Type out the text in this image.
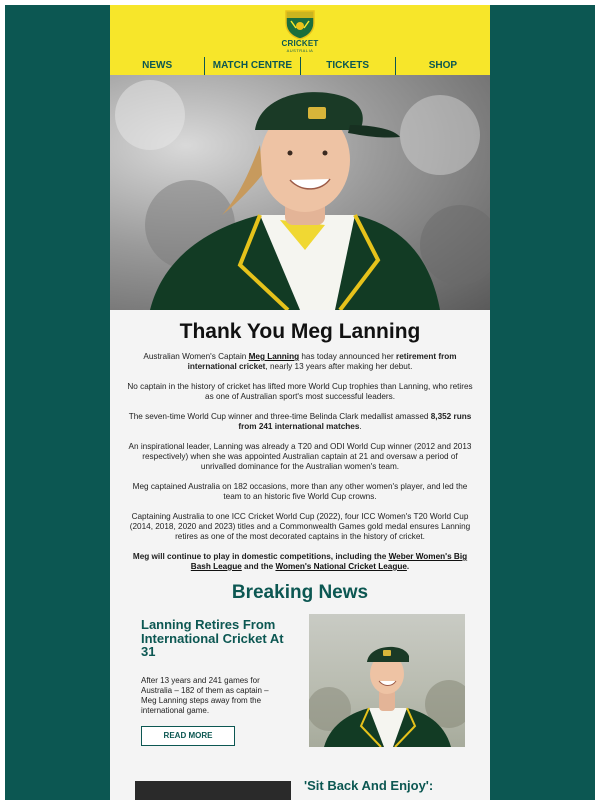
CRICKET
AUSTRALIA
NEWS	MATCH CENTRE	TICKETS	SHOP
Thank You Meg Lanning

Australian Women's Captain Meg Lanning has today announced her retirement from international cricket, nearly 13 years after making her debut.

No captain in the history of cricket has lifted more World Cup trophies than Lanning, who retires as one of Australian sport's most successful leaders.

The seven-time World Cup winner and three-time Belinda Clark medallist amassed 8,352 runs from 241 international matches.

An inspirational leader, Lanning was already a T20 and ODI World Cup winner (2012 and 2013 respectively) when she was appointed Australian captain at 21 and oversaw a period of unrivalled dominance for the Australian women's team.

Meg captained Australia on 182 occasions, more than any other women's player, and led the team to an historic five World Cup crowns.

Captaining Australia to one ICC Cricket World Cup (2022), four ICC Women's T20 World Cup (2014, 2018, 2020 and 2023) titles and a Commonwealth Games gold medal ensures Lanning retires as one of the most decorated captains in the history of cricket.

Meg will continue to play in domestic competitions, including the Weber Women's Big Bash League and the Women's National Cricket League.

Breaking News
Lanning Retires From International Cricket At 31
After 13 years and 241 games for Australia – 182 of them as captain – Meg Lanning steps away from the international game.
READ MORE
'Sit Back And Enjoy':
